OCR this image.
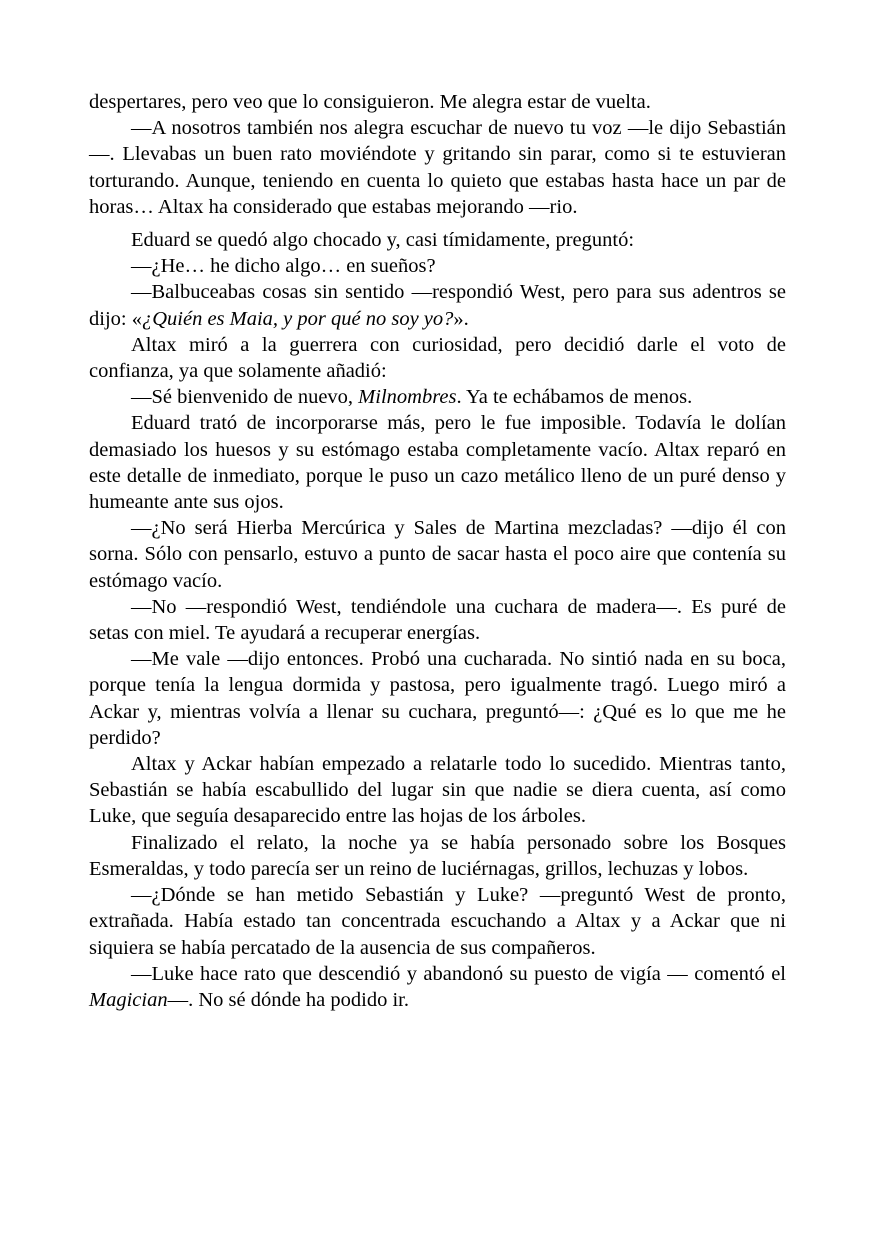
despertares, pero veo que lo consiguieron. Me alegra estar de vuelta.

—A nosotros también nos alegra escuchar de nuevo tu voz —le dijo Sebastián—. Llevabas un buen rato moviéndote y gritando sin parar, como si te estuvieran torturando. Aunque, teniendo en cuenta lo quieto que estabas hasta hace un par de horas… Altax ha considerado que estabas mejorando —rio.

Eduard se quedó algo chocado y, casi tímidamente, preguntó:

—¿He… he dicho algo… en sueños?

—Balbuceabas cosas sin sentido —respondió West, pero para sus adentros se dijo: «¿Quién es Maia, y por qué no soy yo?».

Altax miró a la guerrera con curiosidad, pero decidió darle el voto de confianza, ya que solamente añadió:

—Sé bienvenido de nuevo, Milnombres. Ya te echábamos de menos.

Eduard trató de incorporarse más, pero le fue imposible. Todavía le dolían demasiado los huesos y su estómago estaba completamente vacío. Altax reparó en este detalle de inmediato, porque le puso un cazo metálico lleno de un puré denso y humeante ante sus ojos.

—¿No será Hierba Mercúrica y Sales de Martina mezcladas? —dijo él con sorna. Sólo con pensarlo, estuvo a punto de sacar hasta el poco aire que contenía su estómago vacío.

—No —respondió West, tendiéndole una cuchara de madera—. Es puré de setas con miel. Te ayudará a recuperar energías.

—Me vale —dijo entonces. Probó una cucharada. No sintió nada en su boca, porque tenía la lengua dormida y pastosa, pero igualmente tragó. Luego miró a Ackar y, mientras volvía a llenar su cuchara, preguntó—: ¿Qué es lo que me he perdido?

Altax y Ackar habían empezado a relatarle todo lo sucedido. Mientras tanto, Sebastián se había escabullido del lugar sin que nadie se diera cuenta, así como Luke, que seguía desaparecido entre las hojas de los árboles.

Finalizado el relato, la noche ya se había personado sobre los Bosques Esmeraldas, y todo parecía ser un reino de luciérnagas, grillos, lechuzas y lobos.

—¿Dónde se han metido Sebastián y Luke? —preguntó West de pronto, extrañada. Había estado tan concentrada escuchando a Altax y a Ackar que ni siquiera se había percatado de la ausencia de sus compañeros.

—Luke hace rato que descendió y abandonó su puesto de vigía — comentó el Magician—. No sé dónde ha podido ir.
